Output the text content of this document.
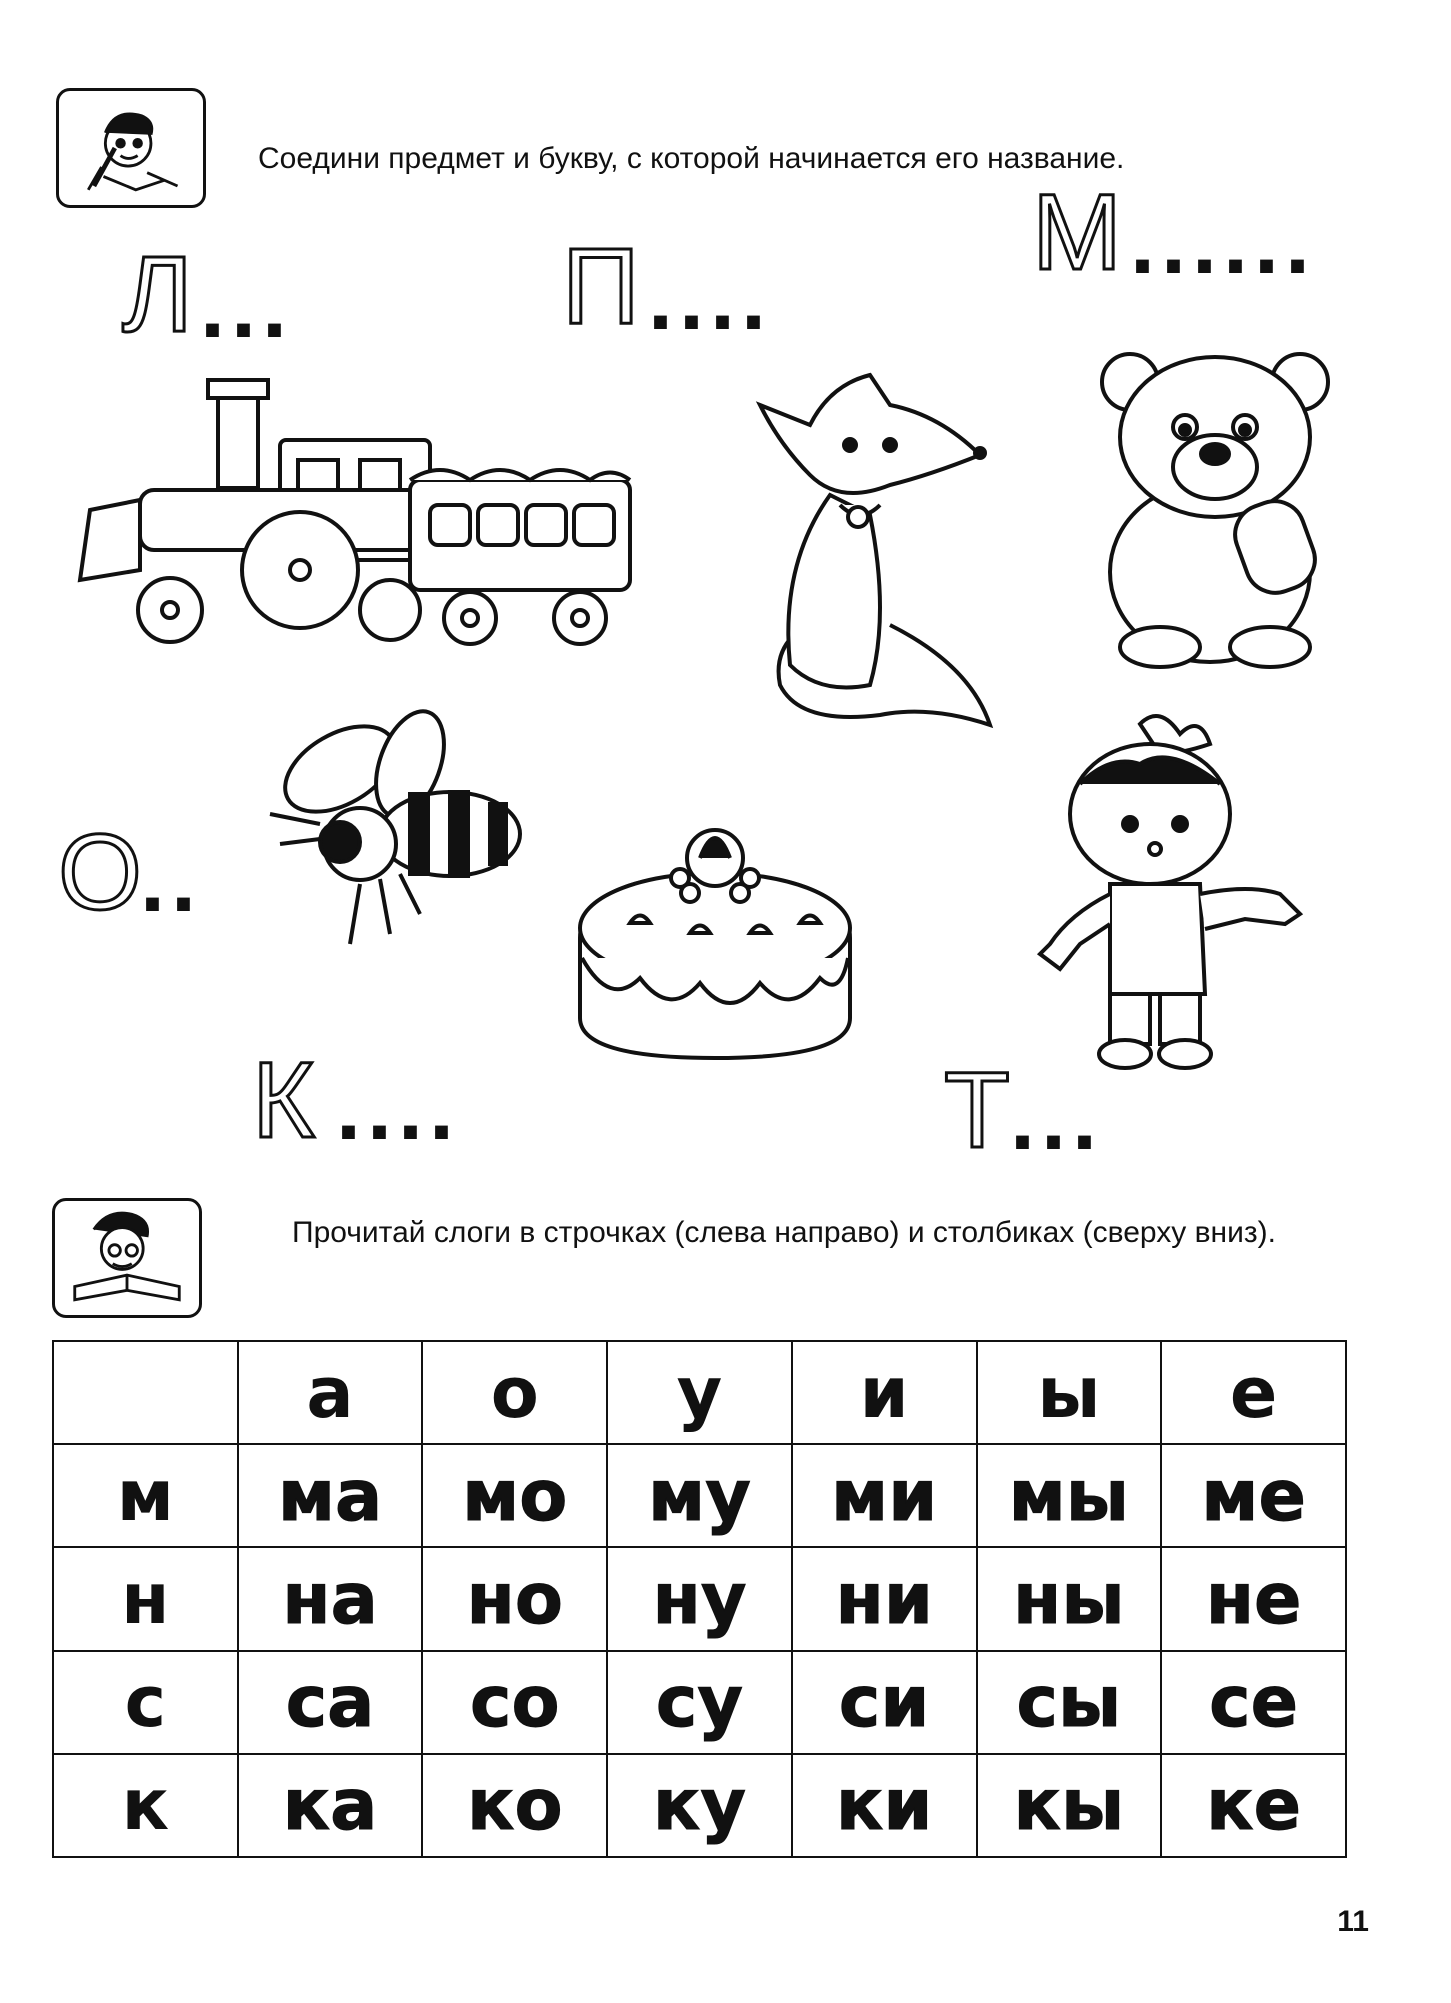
Соедини предмет и букву, с которой начинается его название.
Л ... П ....
М ......
О ..
К ....	Т ...
Прочитай слоги в строчках (слева направо) и столбиках (сверху вниз).
	а	о	у	и	ы	е
м	ма	мо	му	ми	мы	ме
н	на	но	ну	ни	ны	не
с	са	со	су	си	сы	се
к	ка	ко	ку	ки	кы	ке
11
